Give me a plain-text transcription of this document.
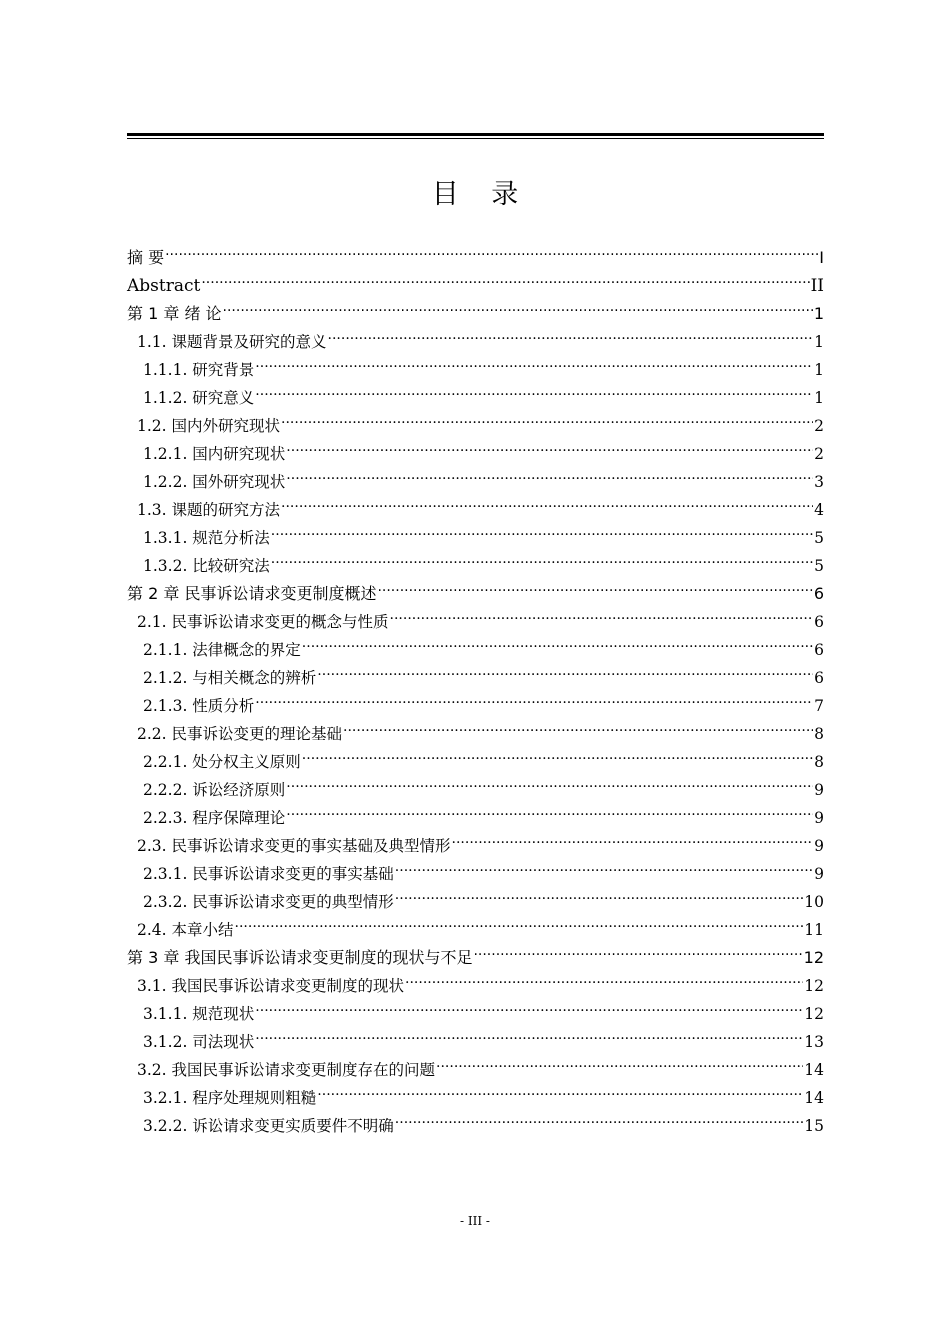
目 录
摘 要 .....	I
Abstract .....	II
第 1 章 绪 论 .....	1
1.1. 课题背景及研究的意义 .....	1
1.1.1. 研究背景 .....	1
1.1.2. 研究意义 .....	1
1.2. 国内外研究现状 .....	2
1.2.1. 国内研究现状 .....	2
1.2.2. 国外研究现状 .....	3
1.3. 课题的研究方法 .....	4
1.3.1. 规范分析法 .....	5
1.3.2. 比较研究法 .....	5
第 2 章 民事诉讼请求变更制度概述 .....	6
2.1. 民事诉讼请求变更的概念与性质 .....	6
2.1.1. 法律概念的界定 .....	6
2.1.2. 与相关概念的辨析 .....	6
2.1.3. 性质分析 .....	7
2.2. 民事诉讼变更的理论基础 .....	8
2.2.1. 处分权主义原则 .....	8
2.2.2. 诉讼经济原则 .....	9
2.2.3. 程序保障理论 .....	9
2.3. 民事诉讼请求变更的事实基础及典型情形 .....	9
2.3.1. 民事诉讼请求变更的事实基础 .....	9
2.3.2. 民事诉讼请求变更的典型情形 .....	10
2.4. 本章小结 .....	11
第 3 章 我国民事诉讼请求变更制度的现状与不足 .....	12
3.1. 我国民事诉讼请求变更制度的现状 .....	12
3.1.1. 规范现状 .....	12
3.1.2. 司法现状 .....	13
3.2. 我国民事诉讼请求变更制度存在的问题 .....	14
3.2.1. 程序处理规则粗糙 .....	14
3.2.2. 诉讼请求变更实质要件不明确 .....	15
- III -
